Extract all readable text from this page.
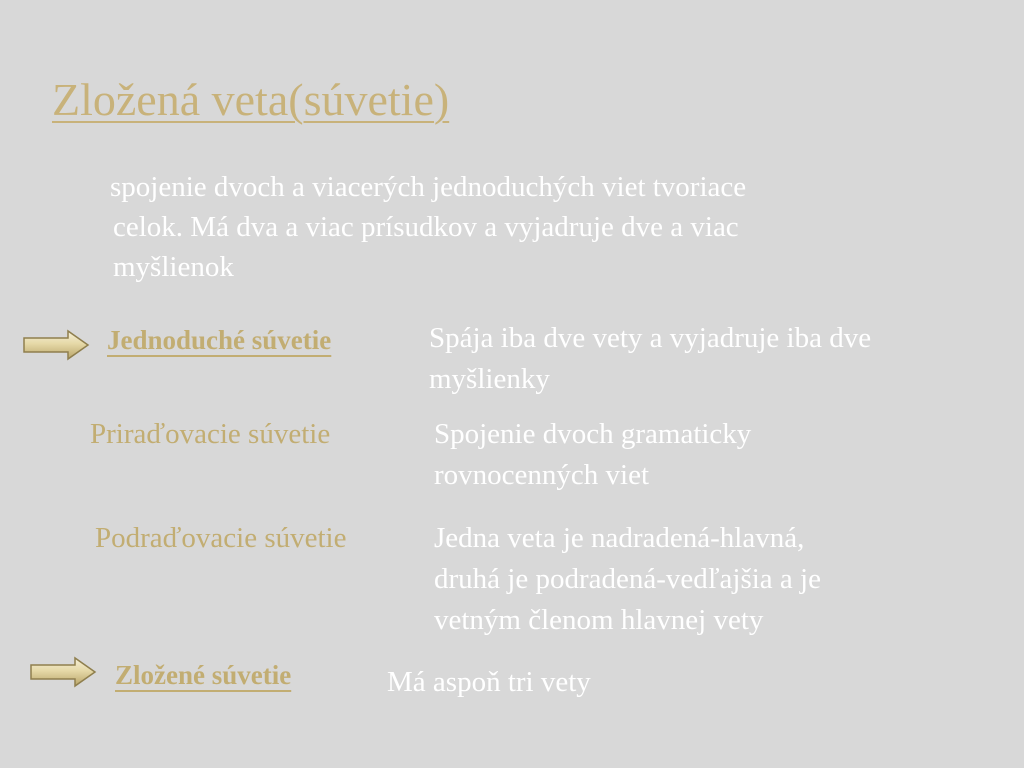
Zložená veta(súvetie)
spojenie dvoch a viacerých jednoduchých viet tvoriace
celok. Má dva a viac prísudkov a vyjadruje dve a viac
myšlienok
Jednoduché súvetie	Spája iba dve vety a vyjadruje iba dve
myšlienky
Priraďovacie súvetie	Spojenie dvoch gramaticky
rovnocenných viet
Podraďovacie súvetie	Jedna veta je nadradená-hlavná,
druhá je podradená-vedľajšia a je
vetným členom hlavnej vety
Zložené súvetie	Má aspoň tri vety
